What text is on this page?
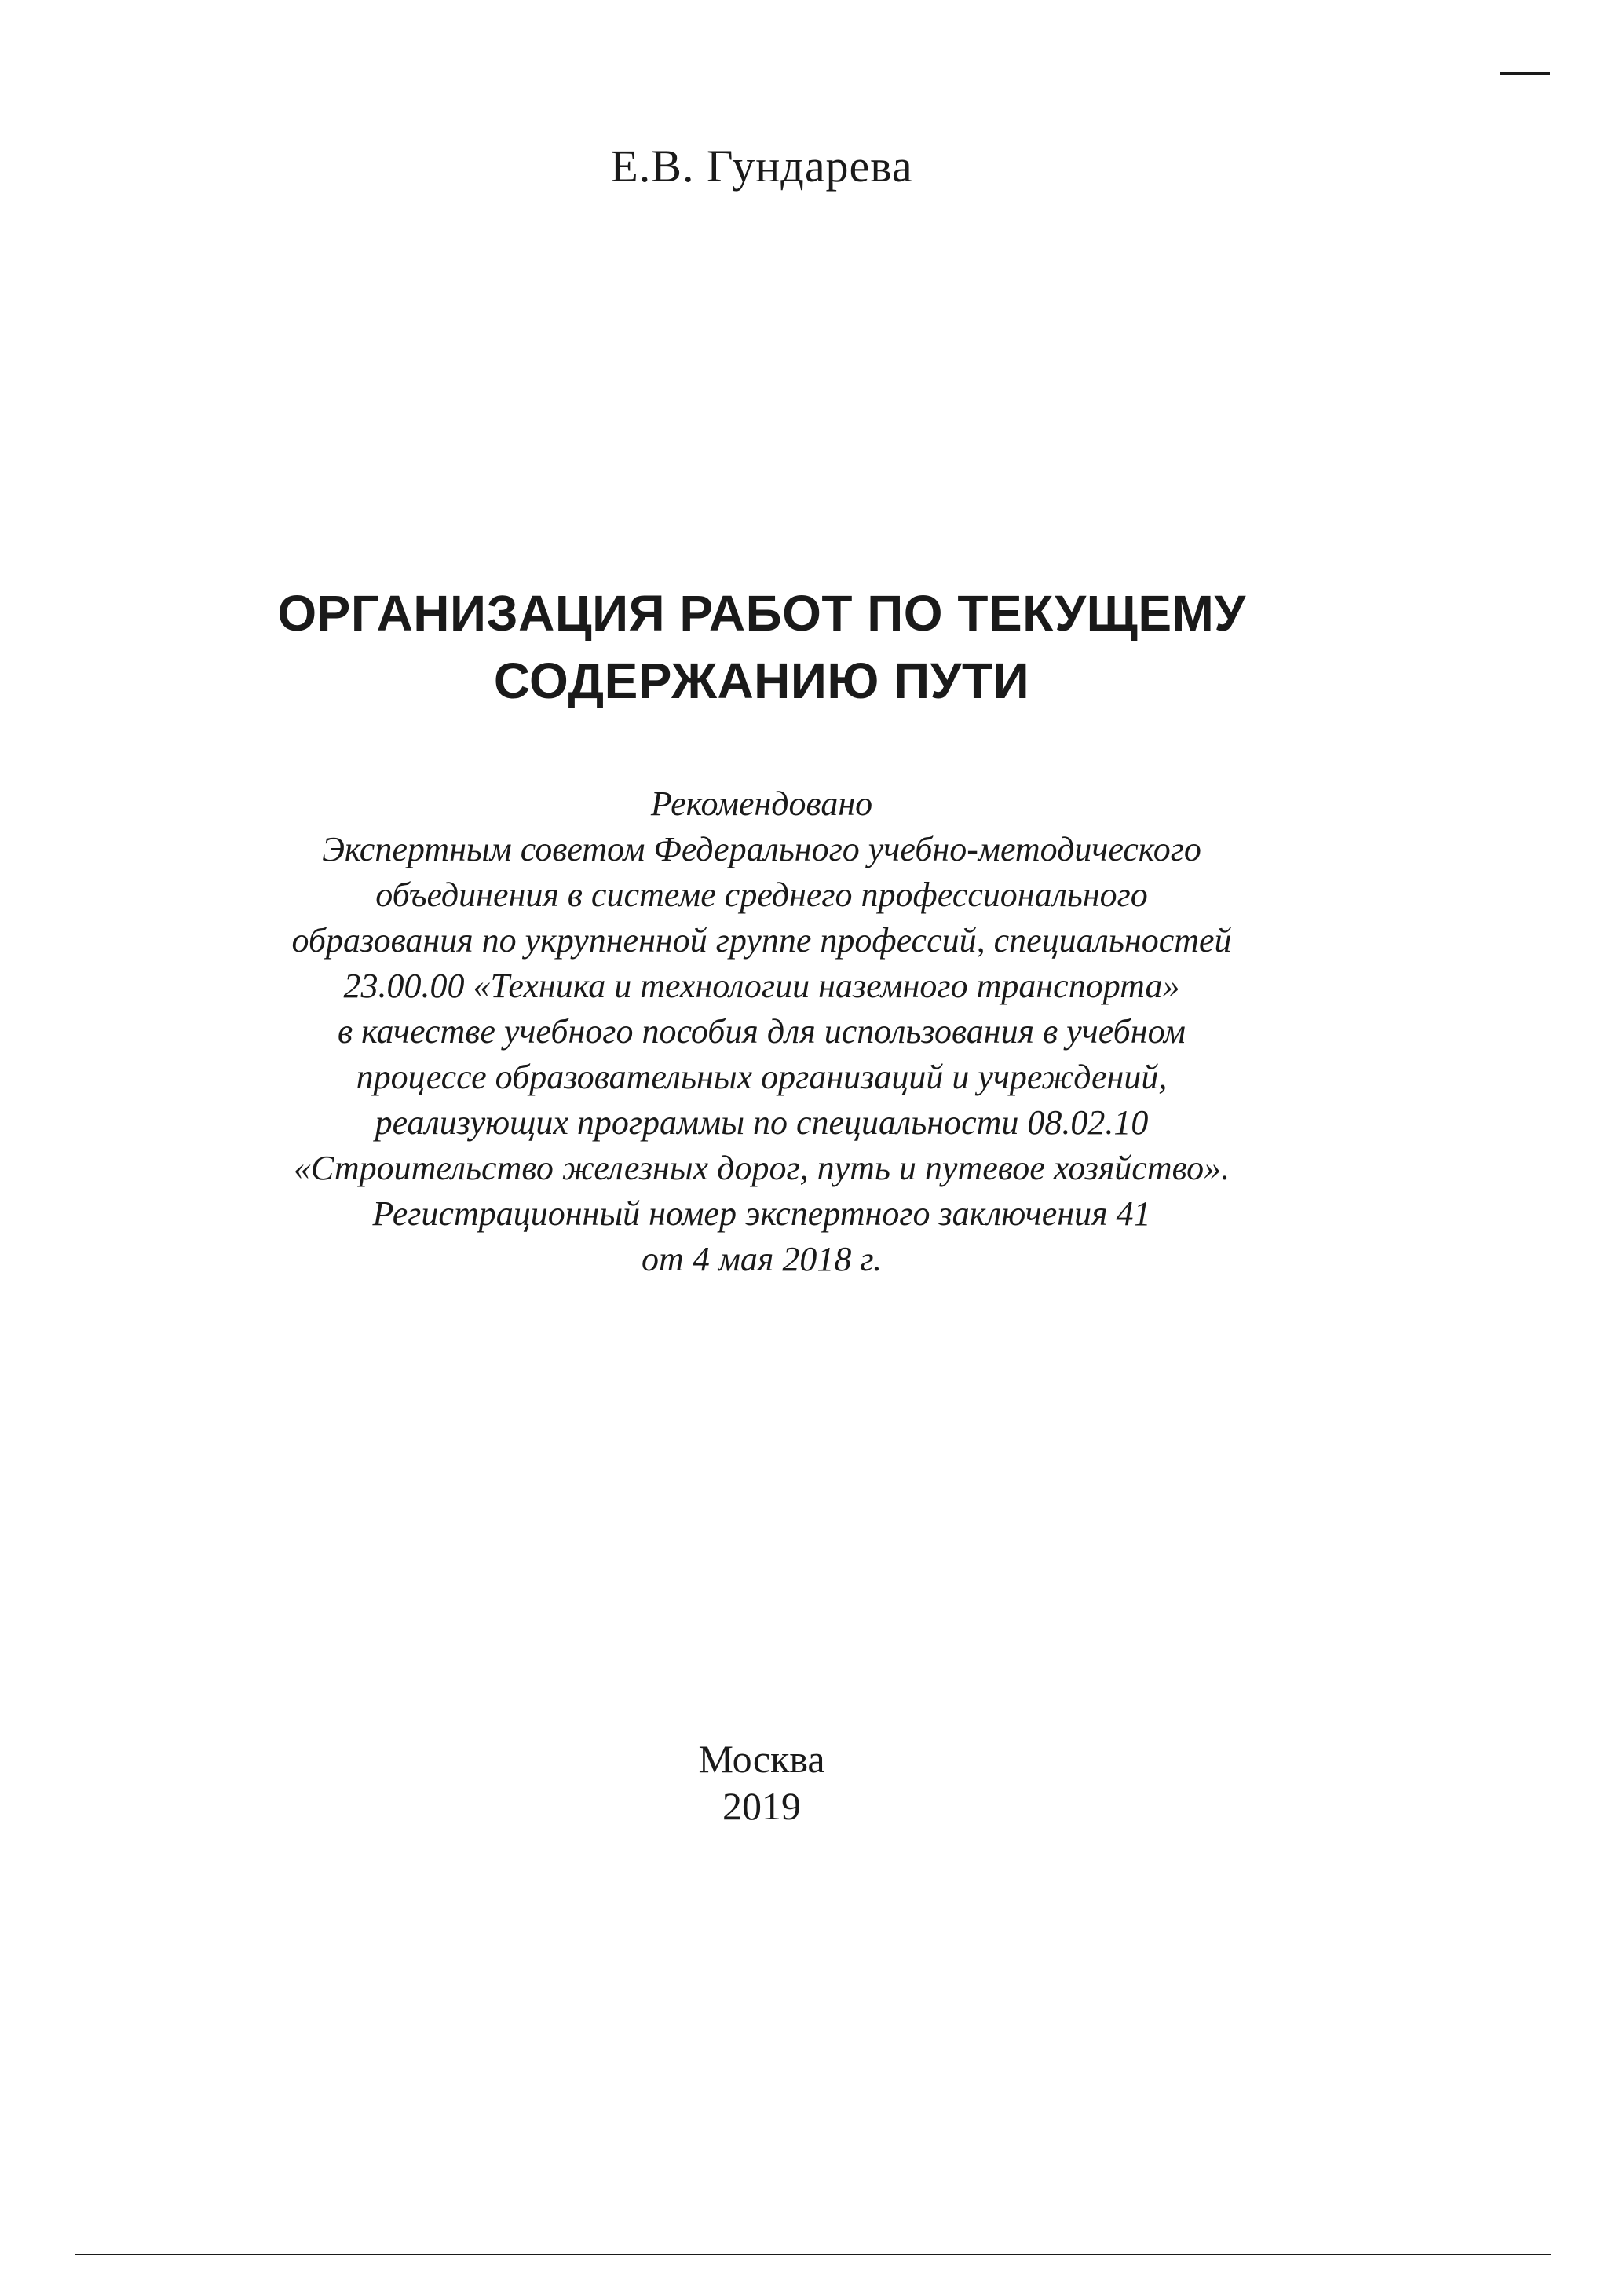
Е.В. Гундарева
ОРГАНИЗАЦИЯ РАБОТ ПО ТЕКУЩЕМУ
СОДЕРЖАНИЮ ПУТИ
Рекомендовано
Экспертным советом Федерального учебно-методического
объединения в системе среднего профессионального
образования по укрупненной группе профессий, специальностей
23.00.00 «Техника и технологии наземного транспорта»
в качестве учебного пособия для использования в учебном
процессе образовательных организаций и учреждений,
реализующих программы по специальности 08.02.10
«Строительство железных дорог, путь и путевое хозяйство».
Регистрационный номер экспертного заключения 41
от 4 мая 2018 г.
Москва
2019
